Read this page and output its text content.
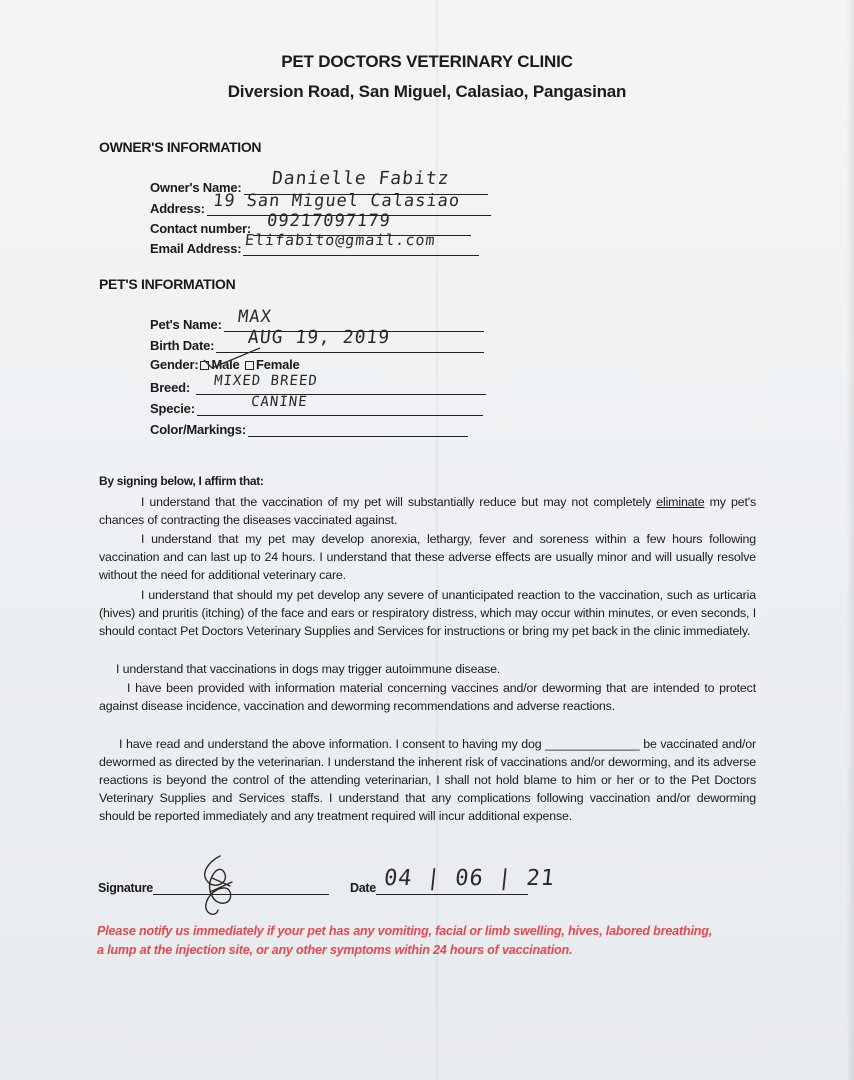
PET DOCTORS VETERINARY CLINIC
Diversion Road, San Miguel, Calasiao, Pangasinan
OWNER'S INFORMATION
Owner's Name: Danielle Fabitz
Address: 19 San Miguel Calasiao
Contact number: 09217097179
Email Address: Elifabito@gmail.com
PET'S INFORMATION
Pet's Name: MAX
Birth Date: AUG 19, 2019
Gender: Male Female
Breed: MIXED BREED
Specie:	CANINE
Color/Markings:
By signing below, I affirm that:
I understand that the vaccination of my pet will substantially reduce but may not completely eliminate my pet's chances of contracting the diseases vaccinated against.
I understand that my pet may develop anorexia, lethargy, fever and soreness within a few hours following vaccination and can last up to 24 hours. I understand that these adverse effects are usually minor and will usually resolve without the need for additional veterinary care.
I understand that should my pet develop any severe of unanticipated reaction to the vaccination, such as urticaria (hives) and pruritis (itching) of the face and ears or respiratory distress, which may occur within minutes, or even seconds, I should contact Pet Doctors Veterinary Supplies and Services for instructions or bring my pet back in the clinic immediately.
I understand that vaccinations in dogs may trigger autoimmune disease.
I have been provided with information material concerning vaccines and/or deworming that are intended to protect against disease incidence, vaccination and deworming recommendations and adverse reactions.
I have read and understand the above information. I consent to having my dog ______________ be vaccinated and/or dewormed as directed by the veterinarian. I understand the inherent risk of vaccinations and/or deworming, and its adverse reactions is beyond the control of the attending veterinarian, I shall not hold blame to him or her or to the Pet Doctors Veterinary Supplies and Services staffs. I understand that any complications following vaccination and/or deworming should be reported immediately and any treatment required will incur additional expense.
Signature	Date 04 | 06 | 21
Please notify us immediately if your pet has any vomiting, facial or limb swelling, hives, labored breathing, a lump at the injection site, or any other symptoms within 24 hours of vaccination.
